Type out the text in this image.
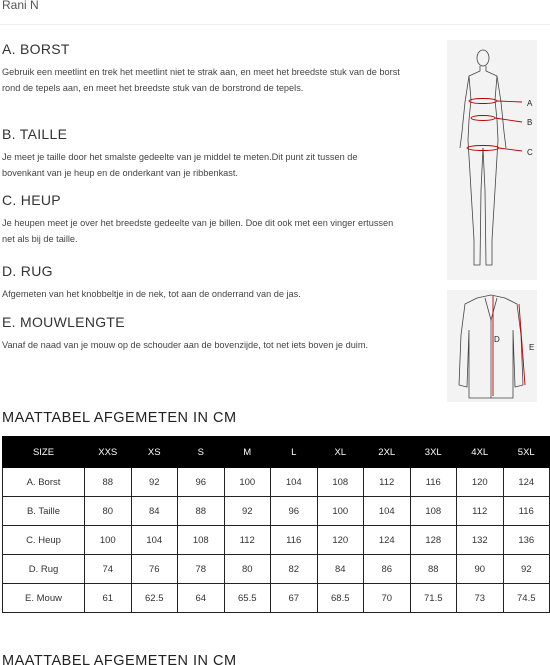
Rani N
A. BORST

Gebruik een meetlint en trek het meetlint niet te strak aan, en meet het breedste stuk van de borst rond de tepels aan, en meet het breedste stuk van de borstrond de tepels.

B. TAILLE

Je meet je taille door het smalste gedeelte van je middel te meten.Dit punt zit tussen de bovenkant van je heup en de onderkant van je ribbenkast.

C. HEUP

Je heupen meet je over het breedste gedeelte van je billen. Doe dit ook met een vinger ertussen net als bij de taille.

D. RUG

Afgemeten van het knobbeltje in de nek, tot aan de onderrand van de jas.

E. MOUWLENGTE

Vanaf de naad van je mouw op de schouder aan de bovenzijde, tot net iets boven je duim.

A
B
C
D
E
MAATTABEL AFGEMETEN IN CM
SIZE	XXS	XS	S	M	L	XL	2XL	3XL	4XL	5XL
A. Borst	88	92	96	100	104	108	112	116	120	124
B. Taille	80	84	88	92	96	100	104	108	112	116
C. Heup	100	104	108	112	116	120	124	128	132	136
D. Rug	74	76	78	80	82	84	86	88	90	92
E. Mouw	61	62.5	64	65.5	67	68.5	70	71.5	73	74.5
MAATTABEL AFGEMETEN IN CM
